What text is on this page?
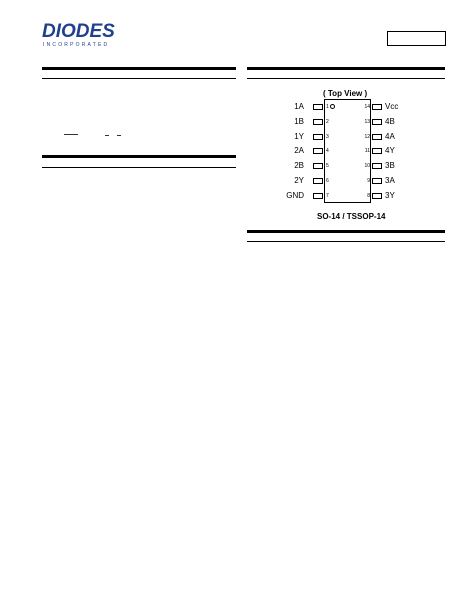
DIODES
INCORPORATED
( Top View )
1A	1
1B	2
1Y	3
2A	4
2B	5
2Y	6
GND	7
14 Vcc
13 4B
12 4A
11 4Y
10 3B
9 3A
8 3Y
SO-14 / TSSOP-14
